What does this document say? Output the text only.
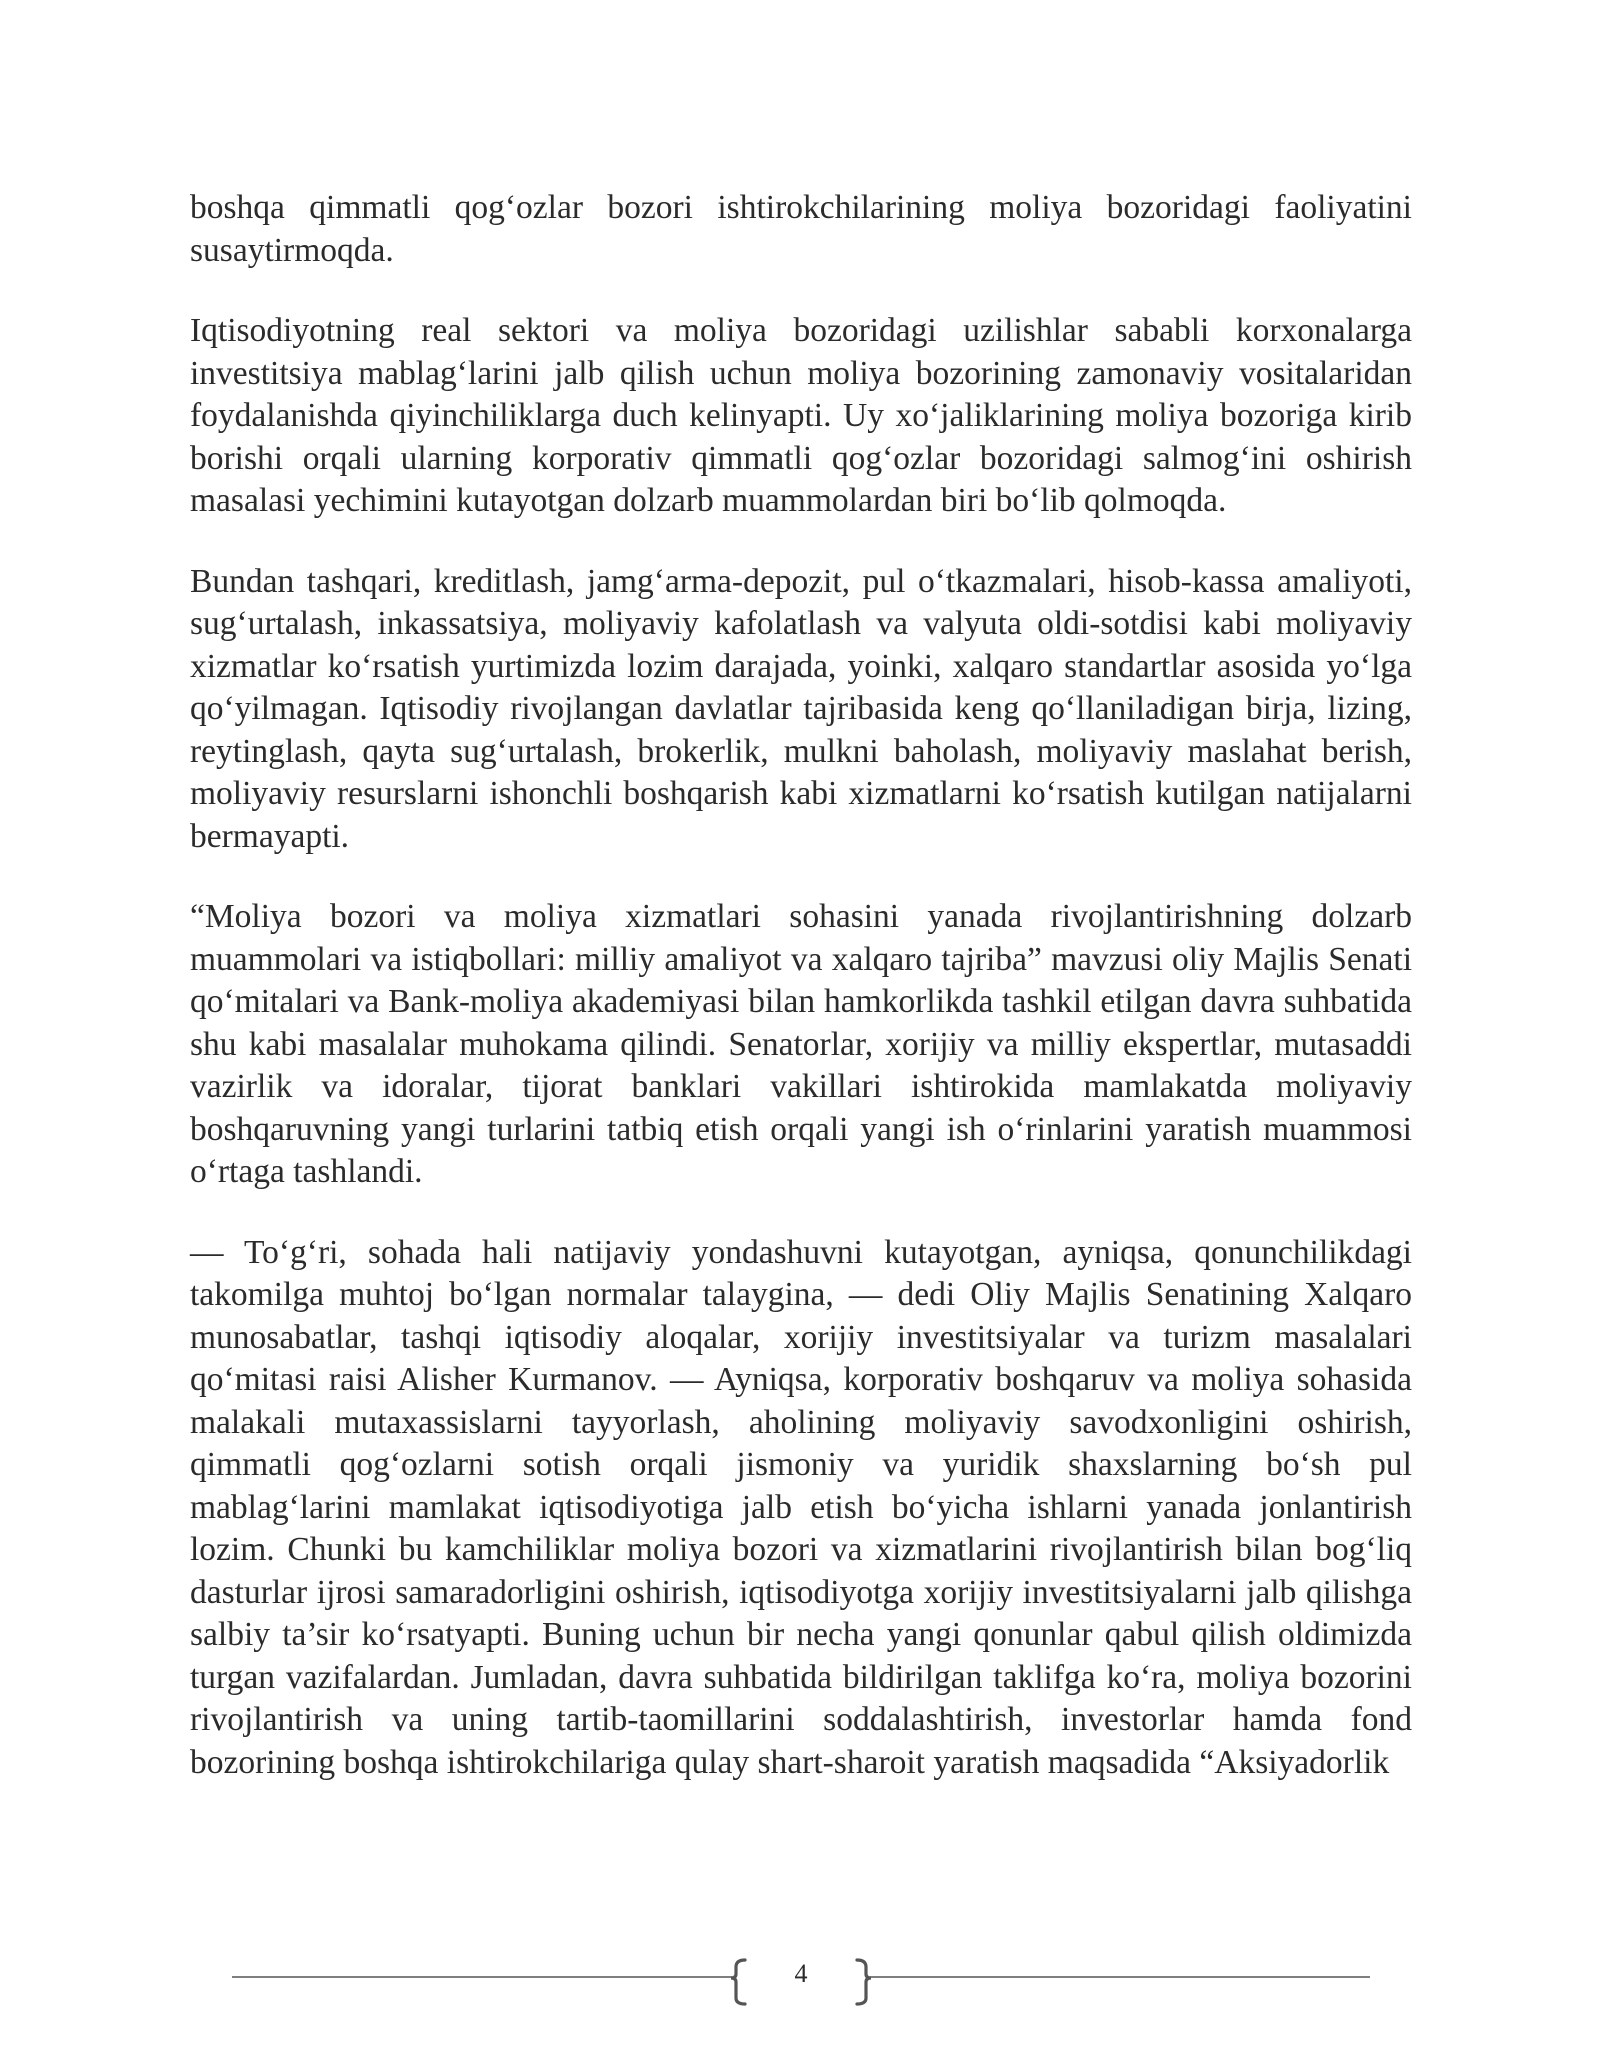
boshqa qimmatli qog‘ozlar bozori ishtirokchilarining moliya bozoridagi faoliyatini susaytirmoqda.

Iqtisodiyotning real sektori va moliya bozoridagi uzilishlar sababli korxonalarga investitsiya mablag‘larini jalb qilish uchun moliya bozorining zamonaviy vositalaridan foydalanishda qiyinchiliklarga duch kelinyapti. Uy xo‘jaliklarining moliya bozoriga kirib borishi orqali ularning korporativ qimmatli qog‘ozlar bozoridagi salmog‘ini oshirish masalasi yechimini kutayotgan dolzarb muammolardan biri bo‘lib qolmoqda.

Bundan tashqari, kreditlash, jamg‘arma-depozit, pul o‘tkazmalari, hisob-kassa amaliyoti, sug‘urtalash, inkassatsiya, moliyaviy kafolatlash va valyuta oldi-sotdisi kabi moliyaviy xizmatlar ko‘rsatish yurtimizda lozim darajada, yoinki, xalqaro standartlar asosida yo‘lga qo‘yilmagan. Iqtisodiy rivojlangan davlatlar tajribasida keng qo‘llaniladigan birja, lizing, reytinglash, qayta sug‘urtalash, brokerlik, mulkni baholash, moliyaviy maslahat berish, moliyaviy resurslarni ishonchli boshqarish kabi xizmatlarni ko‘rsatish kutilgan natijalarni bermayapti.

“Moliya bozori va moliya xizmatlari sohasini yanada rivojlantirishning dolzarb muammolari va istiqbollari: milliy amaliyot va xalqaro tajriba” mavzusi oliy Majlis Senati qo‘mitalari va Bank-moliya akademiyasi bilan hamkorlikda tashkil etilgan davra suhbatida shu kabi masalalar muhokama qilindi. Senatorlar, xorijiy va milliy ekspertlar, mutasaddi vazirlik va idoralar, tijorat banklari vakillari ishtirokida mamlakatda moliyaviy boshqaruvning yangi turlarini tatbiq etish orqali yangi ish o‘rinlarini yaratish muammosi o‘rtaga tashlandi.

— To‘g‘ri, sohada hali natijaviy yondashuvni kutayotgan, ayniqsa, qonunchilikdagi takomilga muhtoj bo‘lgan normalar talaygina, — dedi Oliy Majlis Senatining Xalqaro munosabatlar, tashqi iqtisodiy aloqalar, xorijiy investitsiyalar va turizm masalalari qo‘mitasi raisi Alisher Kurmanov. — Ayniqsa, korporativ boshqaruv va moliya sohasida malakali mutaxassislarni tayyorlash, aholining moliyaviy savodxonligini oshirish, qimmatli qog‘ozlarni sotish orqali jismoniy va yuridik shaxslarning bo‘sh pul mablag‘larini mamlakat iqtisodiyotiga jalb etish bo‘yicha ishlarni yanada jonlantirish lozim. Chunki bu kamchiliklar moliya bozori va xizmatlarini rivojlantirish bilan bog‘liq dasturlar ijrosi samaradorligini oshirish, iqtisodiyotga xorijiy investitsiyalarni jalb qilishga salbiy ta’sir ko‘rsatyapti. Buning uchun bir necha yangi qonunlar qabul qilish oldimizda turgan vazifalardan. Jumladan, davra suhbatida bildirilgan taklifga ko‘ra, moliya bozorini rivojlantirish va uning tartib-taomillarini soddalashtirish, investorlar hamda fond bozorining boshqa ishtirokchilariga qulay shart-sharoit yaratish maqsadida “Aksiyadorlik

4
